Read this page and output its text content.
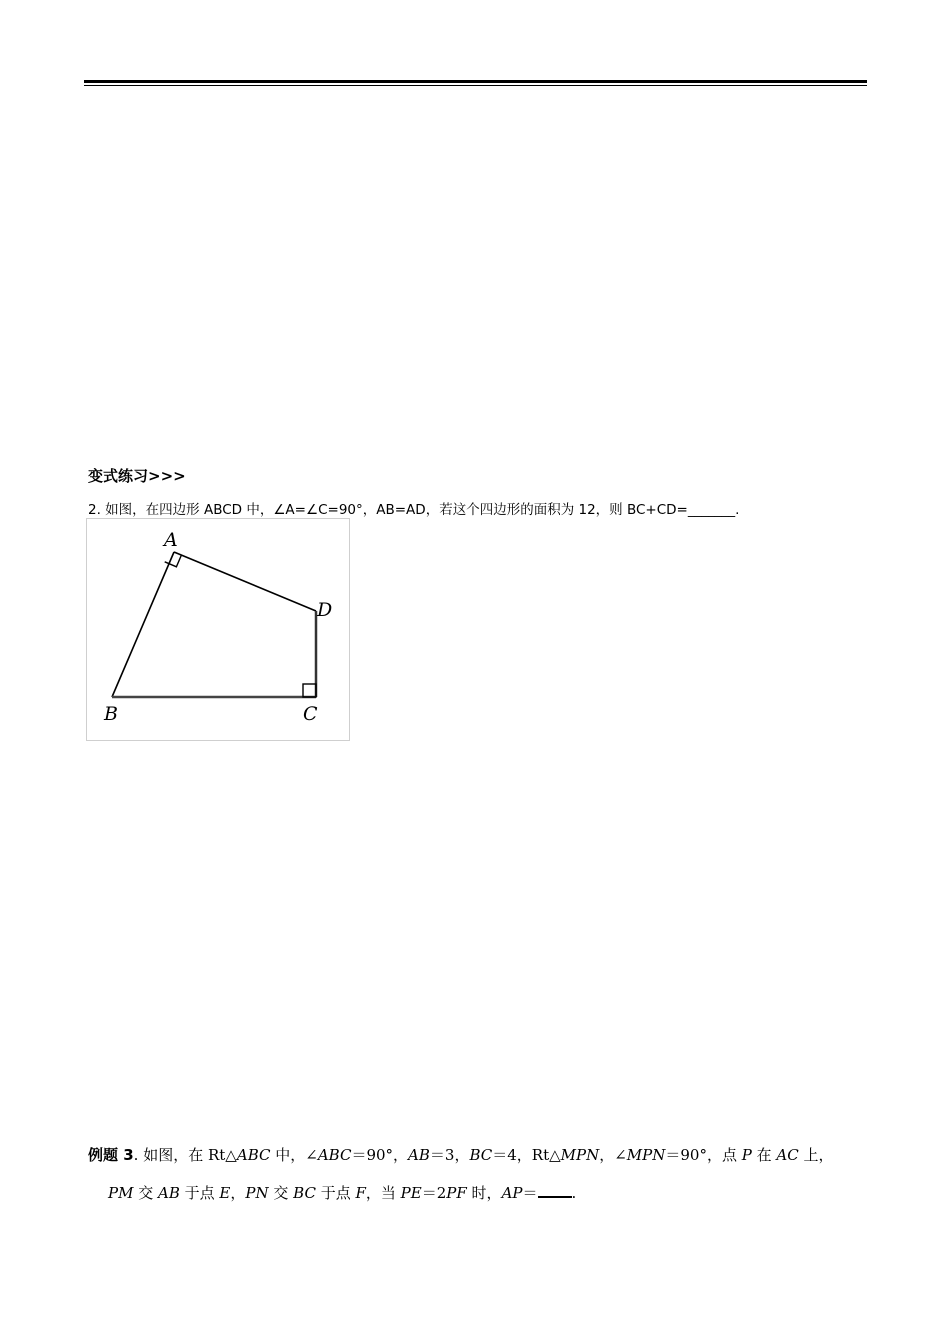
变式练习>>>
2. 如图，在四边形 ABCD 中，∠A=∠C=90°，AB=AD，若这个四边形的面积为 12，则 BC+CD=_______.
A
D
B	C
例题 3. 如图，在 Rt△ABC 中，∠ABC＝90°，AB＝3，BC＝4，Rt△MPN，∠MPN＝90°，点 P 在 AC 上，
PM 交 AB 于点 E，PN 交 BC 于点 F，当 PE＝2PF 时，AP＝ .
